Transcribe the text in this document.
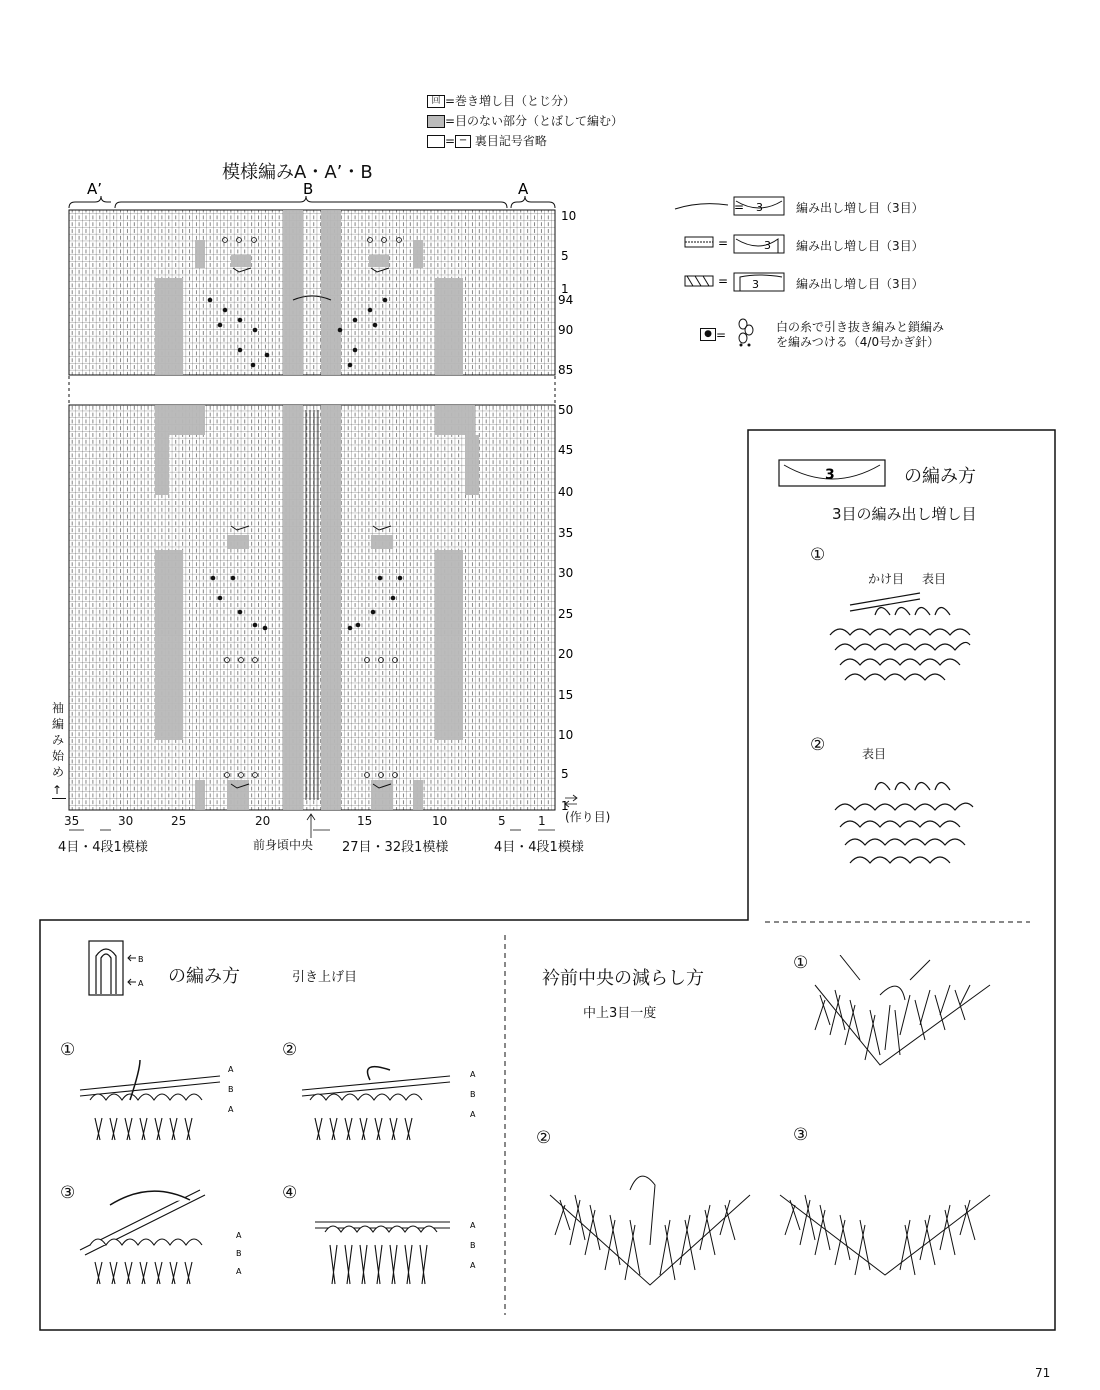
回 =巻き増し目（とじ分）
=目のない部分（とばして編む）
= − 裏目記号省略
模様編みA・A’・B
A’	B	A
10
5
1
94
90
85
50
45
40
35
30
25
20
15
10
5
1
袖編み始め
↑
(作り目)
35	30	25	20	15	10	5	1
4目・4段1模様	前身頃中央 27目・32段1模様	4目・4段1模様
=
=
=
3
3
3
編み出し増し目（3目）
編み出し増し目（3目）
編み出し増し目（3目）
● =
白の糸で引き抜き編みと鎖編み
を編みつける（4/0号かぎ針）
3	の編み方
3目の編み出し増し目
①
かけ目 表目
②	表目
B
A の編み方	引き上げ目
①	②
③	④
A
B
A
A
B
A
A
B
A
A
B
A
衿前中央の減らし方
中上3目一度
①
②	③
71
